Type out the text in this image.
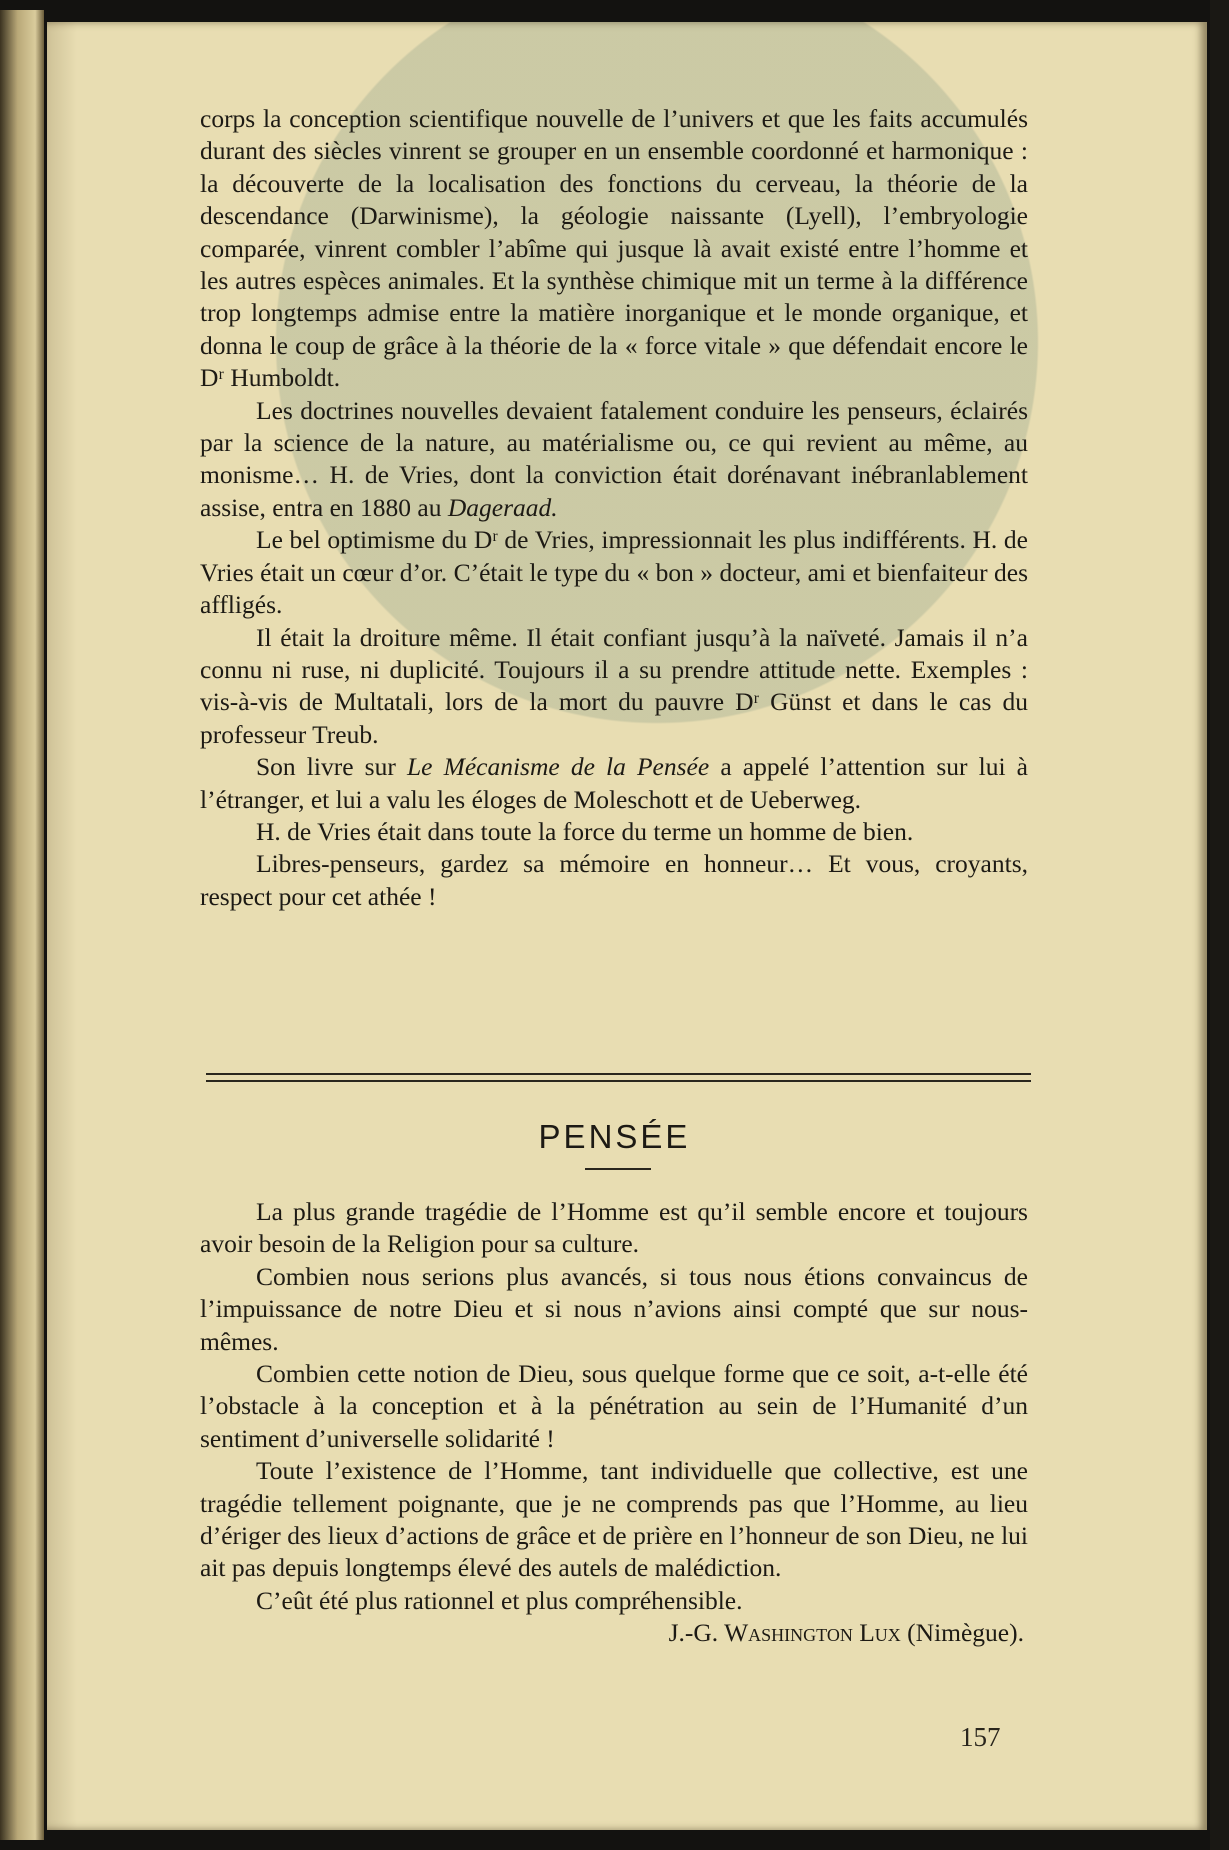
corps la conception scientifique nouvelle de l’univers et que les faits accumulés durant des siècles vinrent se grouper en un ensemble coordonné et harmonique : la découverte de la localisation des fonctions du cerveau, la théorie de la descendance (Darwinisme), la géologie naissante (Lyell), l’embryologie comparée, vinrent combler l’abîme qui jusque là avait existé entre l’homme et les autres espèces animales. Et la synthèse chimique mit un terme à la différence trop longtemps admise entre la matière inorganique et le monde organique, et donna le coup de grâce à la théorie de la « force vitale » que défendait encore le Dʳ Humboldt.

Les doctrines nouvelles devaient fatalement conduire les penseurs, éclairés par la science de la nature, au matérialisme ou, ce qui revient au même, au monisme… H. de Vries, dont la conviction était dorénavant inébranlablement assise, entra en 1880 au Dageraad.

Le bel optimisme du Dʳ de Vries, impressionnait les plus indifférents. H. de Vries était un cœur d’or. C’était le type du « bon » docteur, ami et bienfaiteur des affligés.

Il était la droiture même. Il était confiant jusqu’à la naïveté. Jamais il n’a connu ni ruse, ni duplicité. Toujours il a su prendre attitude nette. Exemples : vis-à-vis de Multatali, lors de la mort du pauvre Dʳ Günst et dans le cas du professeur Treub.

Son livre sur Le Mécanisme de la Pensée a appelé l’attention sur lui à l’étranger, et lui a valu les éloges de Moleschott et de Ueberweg.

H. de Vries était dans toute la force du terme un homme de bien.

Libres-penseurs, gardez sa mémoire en honneur… Et vous, croyants, respect pour cet athée !

PENSÉE

La plus grande tragédie de l’Homme est qu’il semble encore et toujours avoir besoin de la Religion pour sa culture.

Combien nous serions plus avancés, si tous nous étions convaincus de l’impuissance de notre Dieu et si nous n’avions ainsi compté que sur nous-mêmes.

Combien cette notion de Dieu, sous quelque forme que ce soit, a-t-elle été l’obstacle à la conception et à la pénétration au sein de l’Humanité d’un sentiment d’universelle solidarité !

Toute l’existence de l’Homme, tant individuelle que collective, est une tragédie tellement poignante, que je ne comprends pas que l’Homme, au lieu d’ériger des lieux d’actions de grâce et de prière en l’honneur de son Dieu, ne lui ait pas depuis longtemps élevé des autels de malédiction.

C’eût été plus rationnel et plus compréhensible.

J.-G. Washington Lux (Nimègue).

157
